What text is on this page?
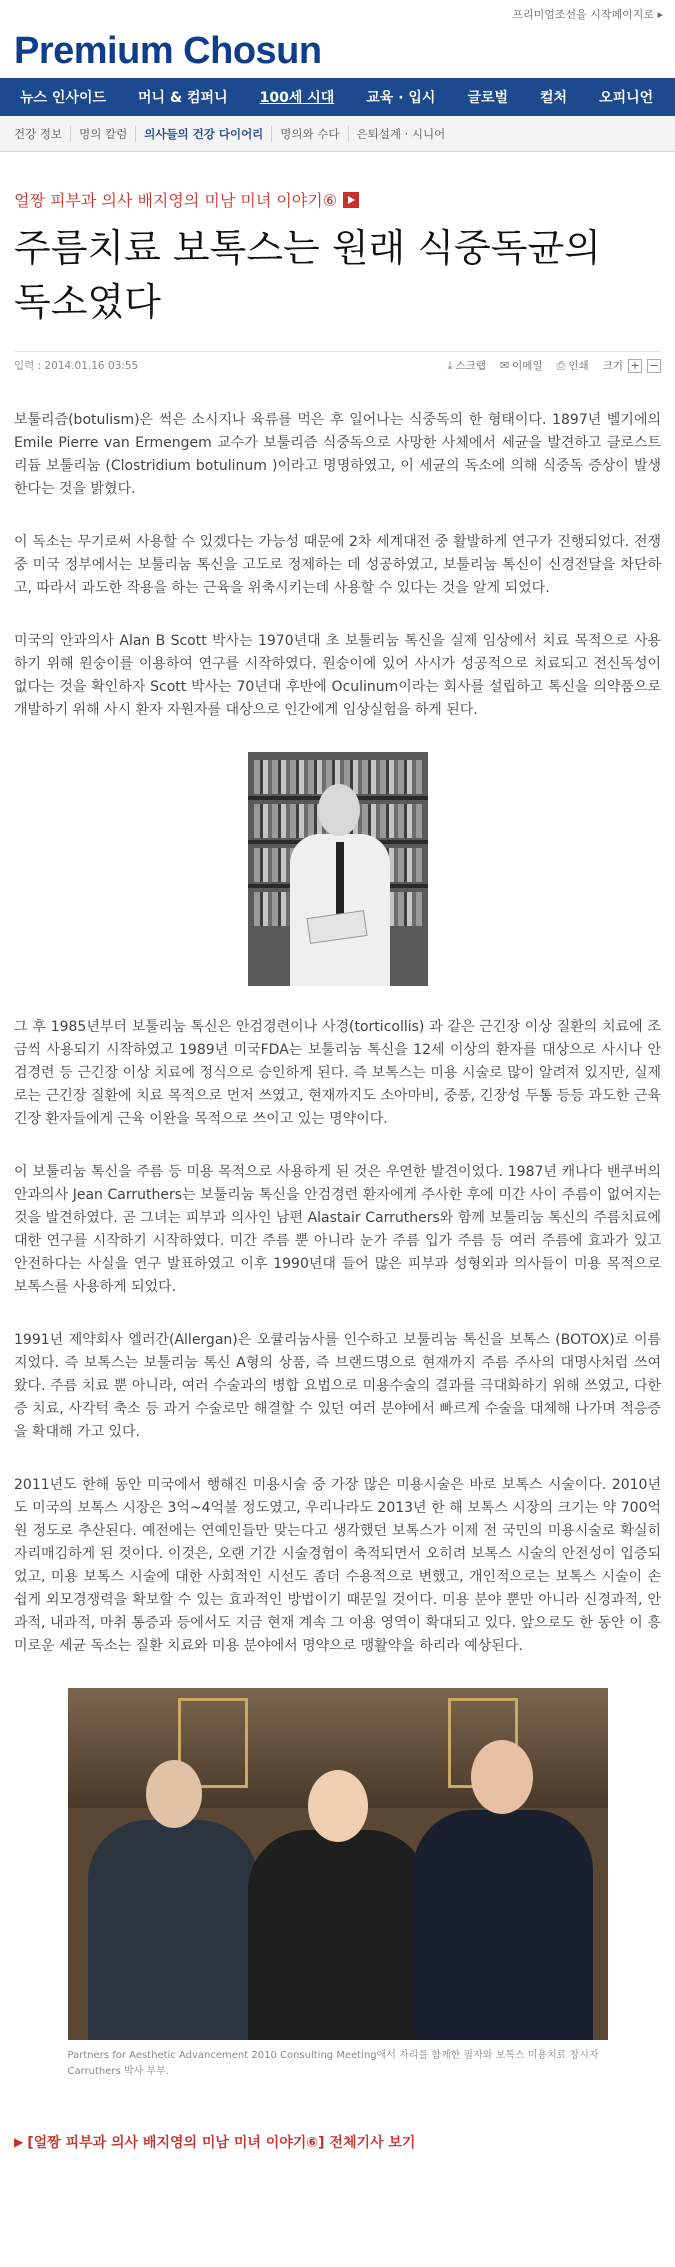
프리미엄조선을 시작페이지로 ▸
Premium Chosun
뉴스 인사이드	머니 & 컴퍼니	100세 시대	교육 · 입시	글로벌	컬처	오피니언
건강 정보	명의 칼럼	의사들의 건강 다이어리	명의와 수다	은퇴설계 · 시니어
얼짱 피부과 의사 배지영의 미남 미녀 이야기⑥
주름치료 보톡스는 원래 식중독균의
독소였다
입력 : 2014.01.16 03:55	⤓ 스크랩 ✉ 이메일 ⎙ 인쇄 크기 + −

보툴리즘(botulism)은 썩은 소시지나 육류를 먹은 후 일어나는 식중독의 한 형태이다. 1897년 벨기에의 Emile Pierre van Ermengem 교수가 보툴리즘 식중독으로 사망한 사체에서 세균을 발견하고 클로스트리듐 보툴리눔 (Clostridium botulinum )이라고 명명하였고, 이 세균의 독소에 의해 식중독 증상이 발생한다는 것을 밝혔다.

이 독소는 무기로써 사용할 수 있겠다는 가능성 때문에 2차 세계대전 중 활발하게 연구가 진행되었다. 전쟁 중 미국 정부에서는 보툴리눔 톡신을 고도로 정제하는 데 성공하였고, 보툴리눔 톡신이 신경전달을 차단하고, 따라서 과도한 작용을 하는 근육을 위축시키는데 사용할 수 있다는 것을 알게 되었다.

미국의 안과의사 Alan B Scott 박사는 1970년대 초 보툴리눔 톡신을 실제 임상에서 치료 목적으로 사용하기 위해 원숭이를 이용하여 연구를 시작하였다. 원숭이에 있어 사시가 성공적으로 치료되고 전신독성이 없다는 것을 확인하자 Scott 박사는 70년대 후반에 Oculinum이라는 회사를 설립하고 톡신을 의약품으로 개발하기 위해 사시 환자 자원자를 대상으로 인간에게 임상실험을 하게 된다.

그 후 1985년부터 보툴리눔 톡신은 안검경련이나 사경(torticollis) 과 같은 근긴장 이상 질환의 치료에 조금씩 사용되기 시작하였고 1989년 미국FDA는 보툴리눔 톡신을 12세 이상의 환자를 대상으로 사시나 안검경련 등 근긴장 이상 치료에 정식으로 승인하게 된다. 즉 보톡스는 미용 시술로 많이 알려져 있지만, 실제로는 근긴장 질환에 치료 목적으로 먼저 쓰였고, 현재까지도 소아마비, 중풍, 긴장성 두통 등등 과도한 근육 긴장 환자들에게 근육 이완을 목적으로 쓰이고 있는 명약이다.

이 보툴리눔 톡신을 주름 등 미용 목적으로 사용하게 된 것은 우연한 발견이었다. 1987년 캐나다 밴쿠버의 안과의사 Jean Carruthers는 보툴리눔 톡신을 안검경련 환자에게 주사한 후에 미간 사이 주름이 없어지는 것을 발견하였다. 곧 그녀는 피부과 의사인 남편 Alastair Carruthers와 함께 보툴리눔 톡신의 주름치료에 대한 연구를 시작하기 시작하였다. 미간 주름 뿐 아니라 눈가 주름 입가 주름 등 여러 주름에 효과가 있고 안전하다는 사실을 연구 발표하였고 이후 1990년대 들어 많은 피부과 성형외과 의사들이 미용 목적으로 보톡스를 사용하게 되었다.

1991년 제약회사 엘러간(Allergan)은 오큘리눔사를 인수하고 보툴리눔 톡신을 보톡스 (BOTOX)로 이름 지었다. 즉 보톡스는 보툴리눔 톡신 A형의 상품, 즉 브랜드명으로 현재까지 주름 주사의 대명사처럼 쓰여 왔다. 주름 치료 뿐 아니라, 여러 수술과의 병합 요법으로 미용수술의 결과를 극대화하기 위해 쓰였고, 다한증 치료, 사각턱 축소 등 과거 수술로만 해결할 수 있던 여러 분야에서 빠르게 수술을 대체해 나가며 적응증을 확대해 가고 있다.

2011년도 한해 동안 미국에서 행해진 미용시술 중 가장 많은 미용시술은 바로 보톡스 시술이다. 2010년도 미국의 보톡스 시장은 3억~4억불 정도였고, 우리나라도 2013년 한 해 보톡스 시장의 크기는 약 700억원 정도로 추산된다. 예전에는 연예인들만 맞는다고 생각했던 보톡스가 이제 전 국민의 미용시술로 확실히 자리매김하게 된 것이다. 이것은, 오랜 기간 시술경험이 축적되면서 오히려 보톡스 시술의 안전성이 입증되었고, 미용 보톡스 시술에 대한 사회적인 시선도 좀더 수용적으로 변했고, 개인적으로는 보톡스 시술이 손쉽게 외모경쟁력을 확보할 수 있는 효과적인 방법이기 때문일 것이다. 미용 분야 뿐만 아니라 신경과적, 안과적, 내과적, 마취 통증과 등에서도 지금 현재 계속 그 이용 영역이 확대되고 있다. 앞으로도 한 동안 이 흥미로운 세균 독소는 질환 치료와 미용 분야에서 명약으로 맹활약을 하리라 예상된다.

Partners for Aesthetic Advancement 2010 Consulting Meeting에서 자리를 함께한 필자와 보톡스 미용치료 창시자 Carruthers 박사 부부.
▶ [얼짱 피부과 의사 배지영의 미남 미녀 이야기⑥] 전체기사 보기
